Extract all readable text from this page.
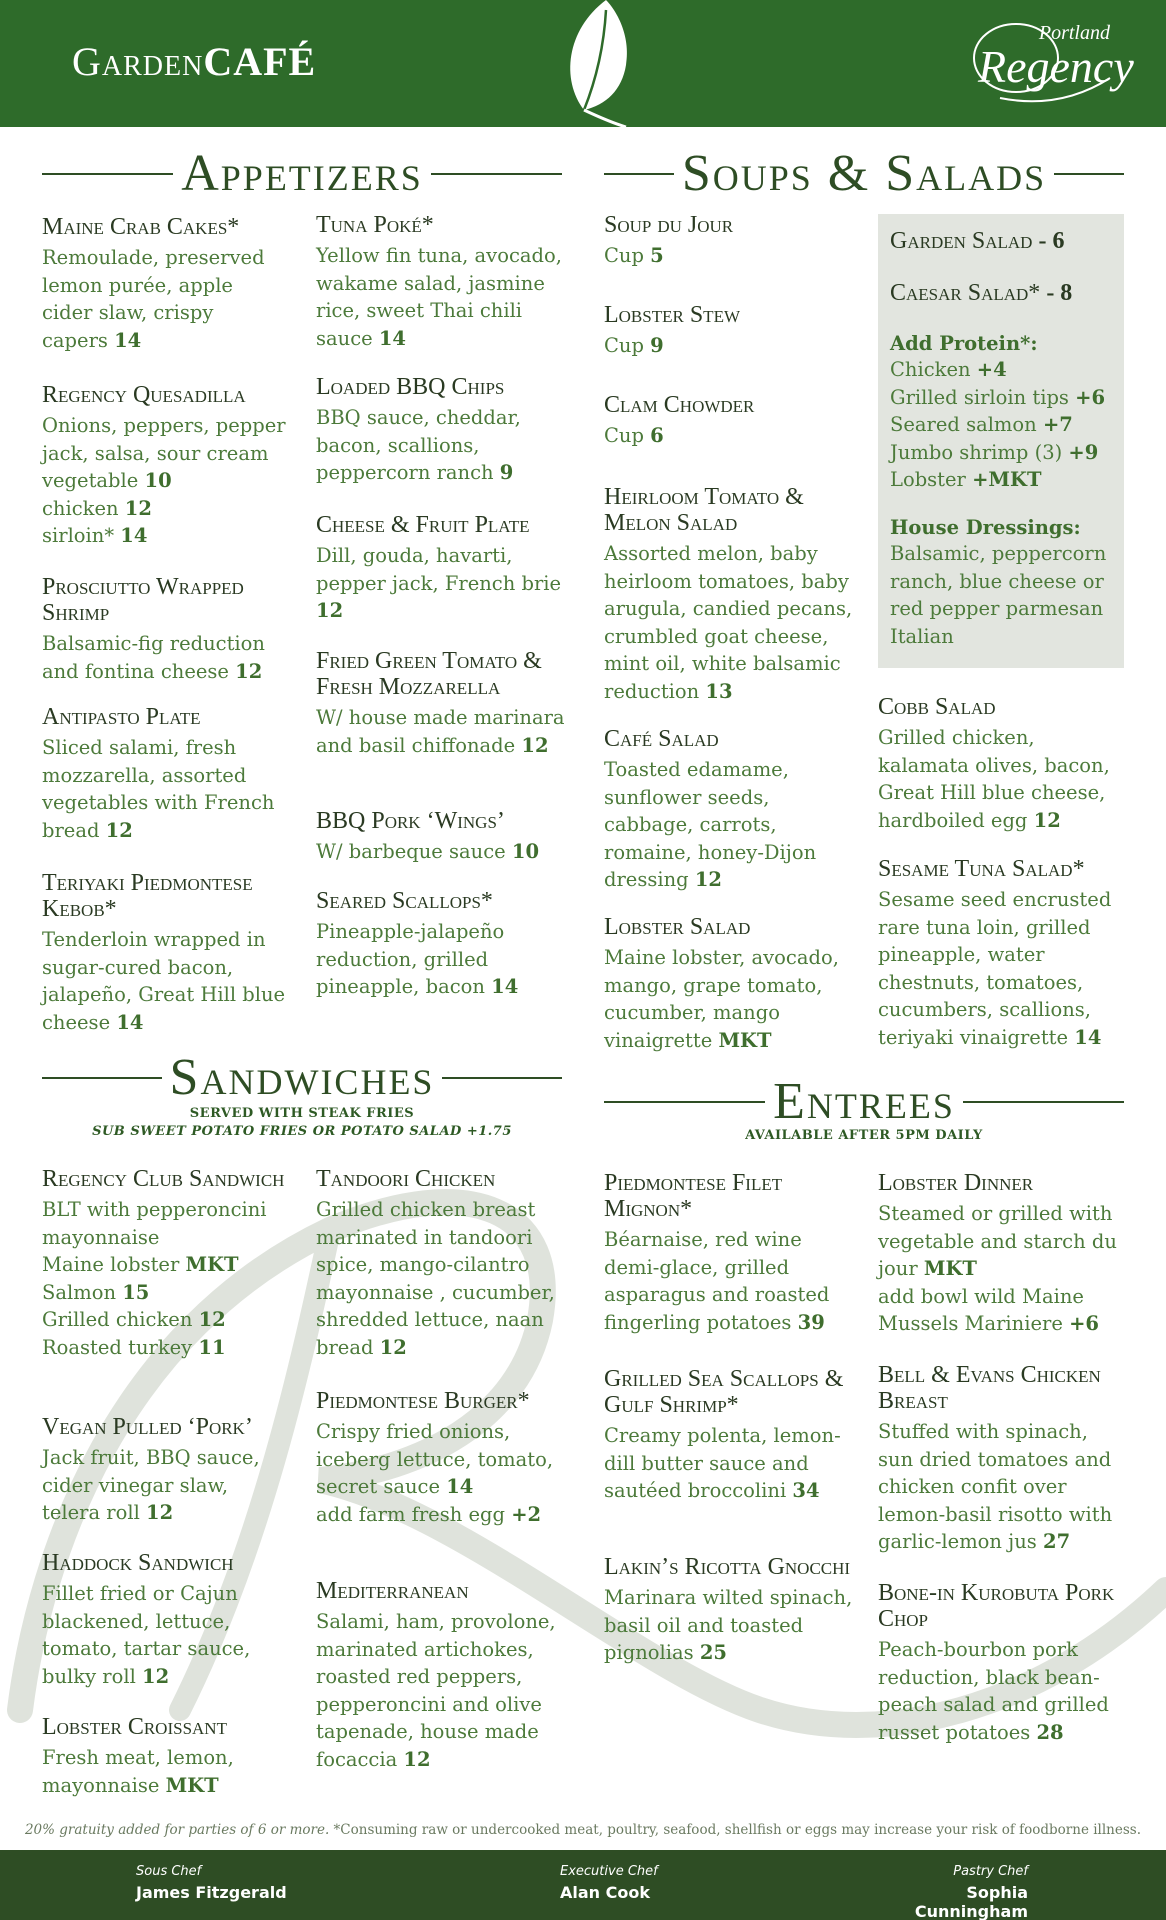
GardenCAFÉ
Portland
Regency
Appetizers	Soups & Salads
Sandwiches
SERVED WITH STEAK FRIES
SUB SWEET POTATO FRIES OR POTATO SALAD +1.75
Entrees
AVAILABLE AFTER 5PM DAILY
Maine Crab Cakes*
Remoulade, preserved lemon purée, apple cider slaw, crispy capers 14
Regency Quesadilla
Onions, peppers, pepper jack, salsa, sour cream
vegetable 10
chicken 12
sirloin* 14
Prosciutto Wrapped Shrimp
Balsamic-fig reduction and fontina cheese 12
Antipasto Plate
Sliced salami, fresh mozzarella, assorted vegetables with French bread 12
Teriyaki Piedmontese Kebob*
Tenderloin wrapped in sugar-cured bacon, jalapeño, Great Hill blue cheese 14
Tuna Poké*
Yellow fin tuna, avocado, wakame salad, jasmine rice, sweet Thai chili sauce 14
Loaded BBQ Chips
BBQ sauce, cheddar, bacon, scallions, peppercorn ranch 9
Cheese & Fruit Plate
Dill, gouda, havarti, pepper jack, French brie 12
Fried Green Tomato & Fresh Mozzarella
W/ house made marinara and basil chiffonade 12
BBQ Pork ‘Wings’
W/ barbeque sauce 10
Seared Scallops*
Pineapple-jalapeño reduction, grilled pineapple, bacon 14
Soup du Jour
Cup 5
Lobster Stew
Cup 9
Clam Chowder
Cup 6
Heirloom Tomato & Melon Salad
Assorted melon, baby heirloom tomatoes, baby arugula, candied pecans, crumbled goat cheese, mint oil, white balsamic reduction 13
Café Salad
Toasted edamame, sunflower seeds, cabbage, carrots, romaine, honey-Dijon dressing 12
Lobster Salad
Maine lobster, avocado, mango, grape tomato, cucumber, mango vinaigrette MKT
Garden Salad - 6
Caesar Salad* - 8
Add Protein*:
Chicken +4
Grilled sirloin tips +6
Seared salmon +7
Jumbo shrimp (3) +9
Lobster +MKT
House Dressings:
Balsamic, peppercorn ranch, blue cheese or red pepper parmesan Italian
Cobb Salad
Grilled chicken, kalamata olives, bacon, Great Hill blue cheese, hardboiled egg 12
Sesame Tuna Salad*
Sesame seed encrusted rare tuna loin, grilled pineapple, water chestnuts, tomatoes, cucumbers, scallions, teriyaki vinaigrette 14
Regency Club Sandwich
BLT with pepperoncini mayonnaise
Maine lobster MKT
Salmon 15
Grilled chicken 12
Roasted turkey 11
Vegan Pulled ‘Pork’
Jack fruit, BBQ sauce, cider vinegar slaw, telera roll 12
Haddock Sandwich
Fillet fried or Cajun blackened, lettuce, tomato, tartar sauce, bulky roll 12
Lobster Croissant
Fresh meat, lemon, mayonnaise MKT
Tandoori Chicken
Grilled chicken breast marinated in tandoori spice, mango-cilantro mayonnaise , cucumber, shredded lettuce, naan bread 12
Piedmontese Burger*
Crispy fried onions, iceberg lettuce, tomato, secret sauce 14
add farm fresh egg +2
Mediterranean
Salami, ham, provolone, marinated artichokes, roasted red peppers, pepperoncini and olive tapenade, house made focaccia 12
Piedmontese Filet Mignon*
Béarnaise, red wine demi-glace, grilled asparagus and roasted fingerling potatoes 39
Grilled Sea Scallops & Gulf Shrimp*
Creamy polenta, lemon-dill butter sauce and sautéed broccolini 34
Lakin’s Ricotta Gnocchi
Marinara wilted spinach, basil oil and toasted pignolias 25
Lobster Dinner
Steamed or grilled with vegetable and starch du jour MKT
add bowl wild Maine Mussels Mariniere +6
Bell & Evans Chicken Breast
Stuffed with spinach, sun dried tomatoes and chicken confit over lemon-basil risotto with garlic-lemon jus 27
Bone-in Kurobuta Pork Chop
Peach-bourbon pork reduction, black bean-peach salad and grilled russet potatoes 28
20% gratuity added for parties of 6 or more. *Consuming raw or undercooked meat, poultry, seafood, shellfish or eggs may increase your risk of foodborne illness.
Sous Chef
James Fitzgerald
Executive Chef
Alan Cook
Pastry Chef
Sophia Cunningham
